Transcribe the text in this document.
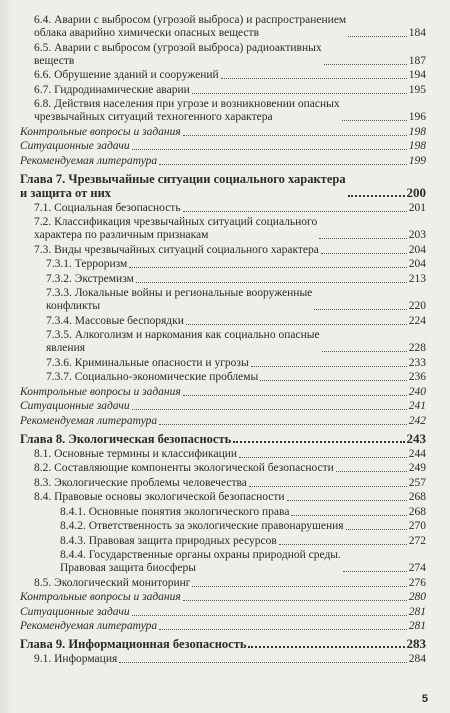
6.4. Аварии с выбросом (угрозой выброса) и распространением
облака аварийно химически опасных веществ	184
6.5. Аварии с выбросом (угрозой выброса) радиоактивных
веществ	187
6.6. Обрушение зданий и сооружений	194
6.7. Гидродинамические аварии	195
6.8. Действия населения при угрозе и возникновении опасных
чрезвычайных ситуаций техногенного характера	196
Контрольные вопросы и задания	198
Ситуационные задачи	198
Рекомендуемая литература	199
Глава 7. Чрезвычайные ситуации социального характера
и защита от них	200
7.1. Социальная безопасность	201
7.2. Классификация чрезвычайных ситуаций социального
характера по различным признакам	203
7.3. Виды чрезвычайных ситуаций социального характера	204
7.3.1. Терроризм	204
7.3.2. Экстремизм	213
7.3.3. Локальные войны и региональные вооруженные
конфликты	220
7.3.4. Массовые беспорядки	224
7.3.5. Алкоголизм и наркомания как социально опасные
явления	228
7.3.6. Криминальные опасности и угрозы	233
7.3.7. Социально-экономические проблемы	236
Контрольные вопросы и задания	240
Ситуационные задачи	241
Рекомендуемая литература	242
Глава 8. Экологическая безопасность	243
8.1. Основные термины и классификации	244
8.2. Составляющие компоненты экологической безопасности	249
8.3. Экологические проблемы человечества	257
8.4. Правовые основы экологической безопасности	268
8.4.1. Основные понятия экологического права	268
8.4.2. Ответственность за экологические правонарушения	270
8.4.3. Правовая защита природных ресурсов	272
8.4.4. Государственные органы охраны природной среды.
Правовая защита биосферы	274
8.5. Экологический мониторинг	276
Контрольные вопросы и задания	280
Ситуационные задачи	281
Рекомендуемая литература	281
Глава 9. Информационная безопасность	283
9.1. Информация	284
5
